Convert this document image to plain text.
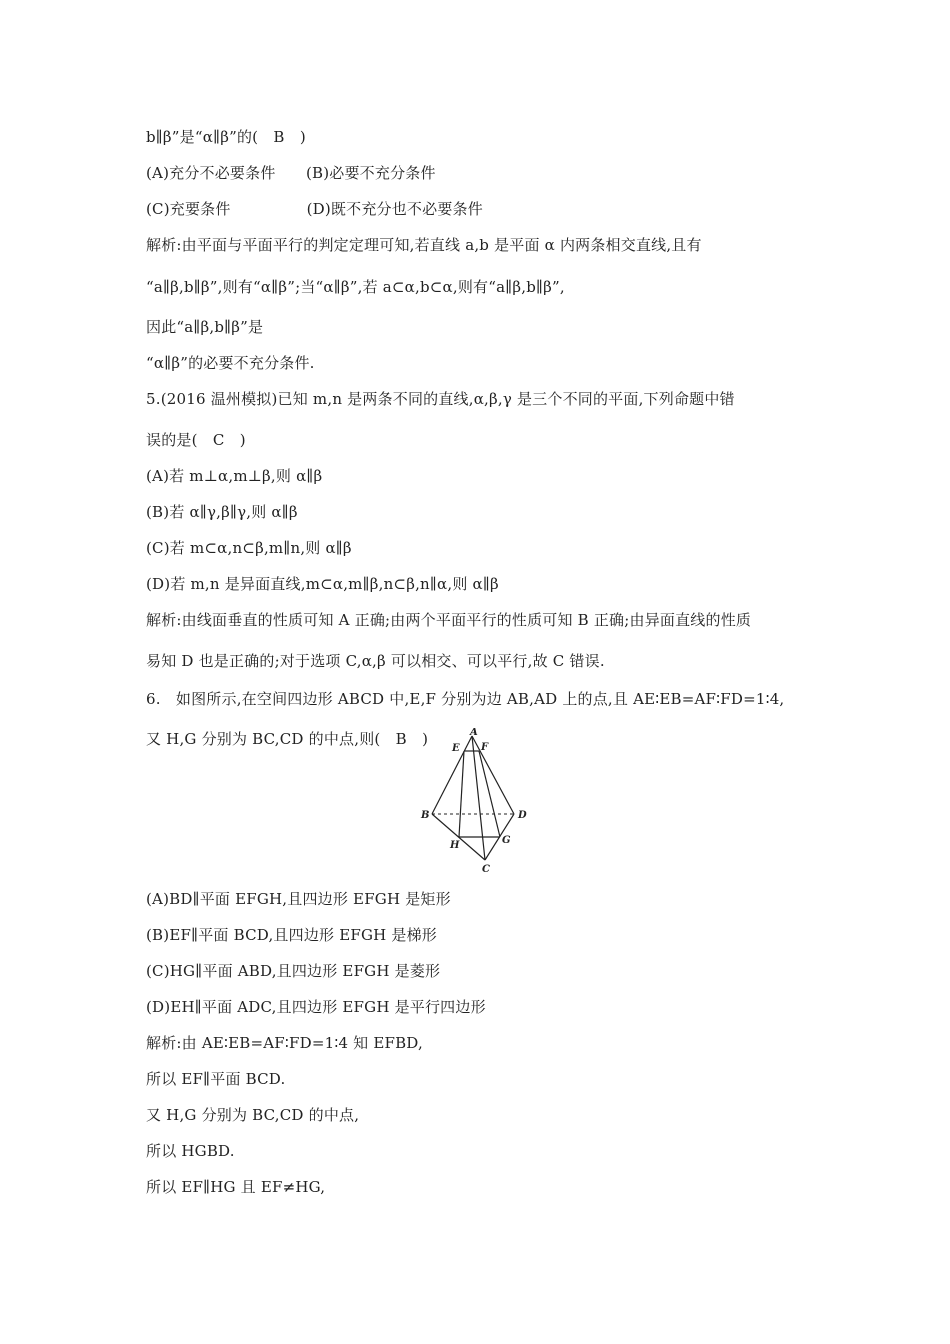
b∥β”是“α∥β”的(　B　)
(A)充分不必要条件　　(B)必要不充分条件
(C)充要条件　　　　　(D)既不充分也不必要条件
解析:由平面与平面平行的判定定理可知,若直线 a,b 是平面 α 内两条相交直线,且有
“a∥β,b∥β”,则有“α∥β”;当“α∥β”,若 a⊂α,b⊂α,则有“a∥β,b∥β”,
因此“a∥β,b∥β”是
“α∥β”的必要不充分条件.
5.(2016 温州模拟)已知 m,n 是两条不同的直线,α,β,γ 是三个不同的平面,下列命题中错
误的是(　C　)
(A)若 m⊥α,m⊥β,则 α∥β
(B)若 α∥γ,β∥γ,则 α∥β
(C)若 m⊂α,n⊂β,m∥n,则 α∥β
(D)若 m,n 是异面直线,m⊂α,m∥β,n⊂β,n∥α,则 α∥β
解析:由线面垂直的性质可知 A 正确;由两个平面平行的性质可知 B 正确;由异面直线的性质
易知 D 也是正确的;对于选项 C,α,β 可以相交、可以平行,故 C 错误.
6.　如图所示,在空间四边形 ABCD 中,E,F 分别为边 AB,AD 上的点,且 AE∶EB=AF∶FD=1∶4,
又 H,G 分别为 BC,CD 的中点,则(　B　)	A
E F
B	D
H	G
C
(A)BD∥平面 EFGH,且四边形 EFGH 是矩形
(B)EF∥平面 BCD,且四边形 EFGH 是梯形
(C)HG∥平面 ABD,且四边形 EFGH 是菱形
(D)EH∥平面 ADC,且四边形 EFGH 是平行四边形
解析:由 AE∶EB=AF∶FD=1∶4 知 EFBD,
所以 EF∥平面 BCD.
又 H,G 分别为 BC,CD 的中点,
所以 HGBD.
所以 EF∥HG 且 EF≠HG,
